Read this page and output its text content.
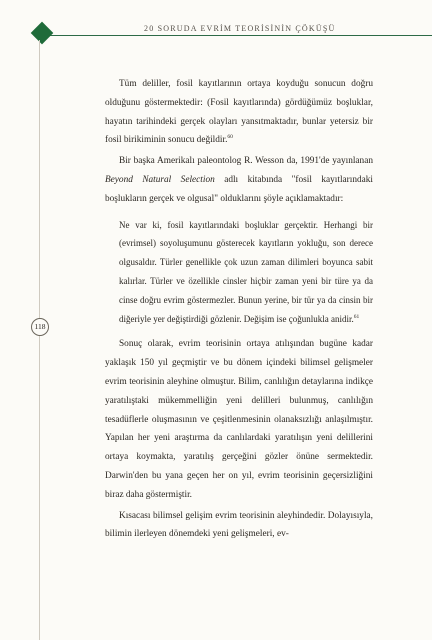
20 SORUDA EVRİM TEORİSİNİN ÇÖKÜŞÜ
118

Tüm deliller, fosil kayıtlarının ortaya koyduğu sonucun doğru olduğunu göstermektedir: (Fosil kayıtlarında) gördüğümüz boşluklar, hayatın tarihindeki gerçek olayları yansıtmaktadır, bunlar yetersiz bir fosil birikiminin sonucu değildir.$^{60}$

Bir başka Amerikalı paleontolog R. Wesson da, 1991'de yayınlanan Beyond Natural Selection adlı kitabında "fosil kayıtlarındaki boşlukların gerçek ve olgusal" olduklarını şöyle açıklamaktadır:

Ne var ki, fosil kayıtlarındaki boşluklar gerçektir. Herhangi bir (evrimsel) soyoluşumunu gösterecek kayıtların yokluğu, son derece olgusaldır. Türler genellikle çok uzun zaman dilimleri boyunca sabit kalırlar. Türler ve özellikle cinsler hiçbir zaman yeni bir türe ya da cinse doğru evrim göstermezler. Bunun yerine, bir tür ya da cinsin bir diğeriyle yer değiştirdiği gözlenir. Değişim ise çoğunlukla anidir.$^{61}$

Sonuç olarak, evrim teorisinin ortaya atılışından bugüne kadar yaklaşık 150 yıl geçmiştir ve bu dönem içindeki bilimsel gelişmeler evrim teorisinin aleyhine olmuştur. Bilim, canlılığın detaylarına indikçe yaratılıştaki mükemmelliğin yeni delilleri bulunmuş, canlılığın tesadüflerle oluşmasının ve çeşitlenmesinin olanaksızlığı anlaşılmıştır. Yapılan her yeni araştırma da canlılardaki yaratılışın yeni delillerini ortaya koymakta, yaratılış gerçeğini gözler önüne sermektedir. Darwin'den bu yana geçen her on yıl, evrim teorisinin geçersizliğini biraz daha göstermiştir.

Kısacası bilimsel gelişim evrim teorisinin aleyhindedir. Dolayısıyla, bilimin ilerleyen dönemdeki yeni gelişmeleri, ev-
